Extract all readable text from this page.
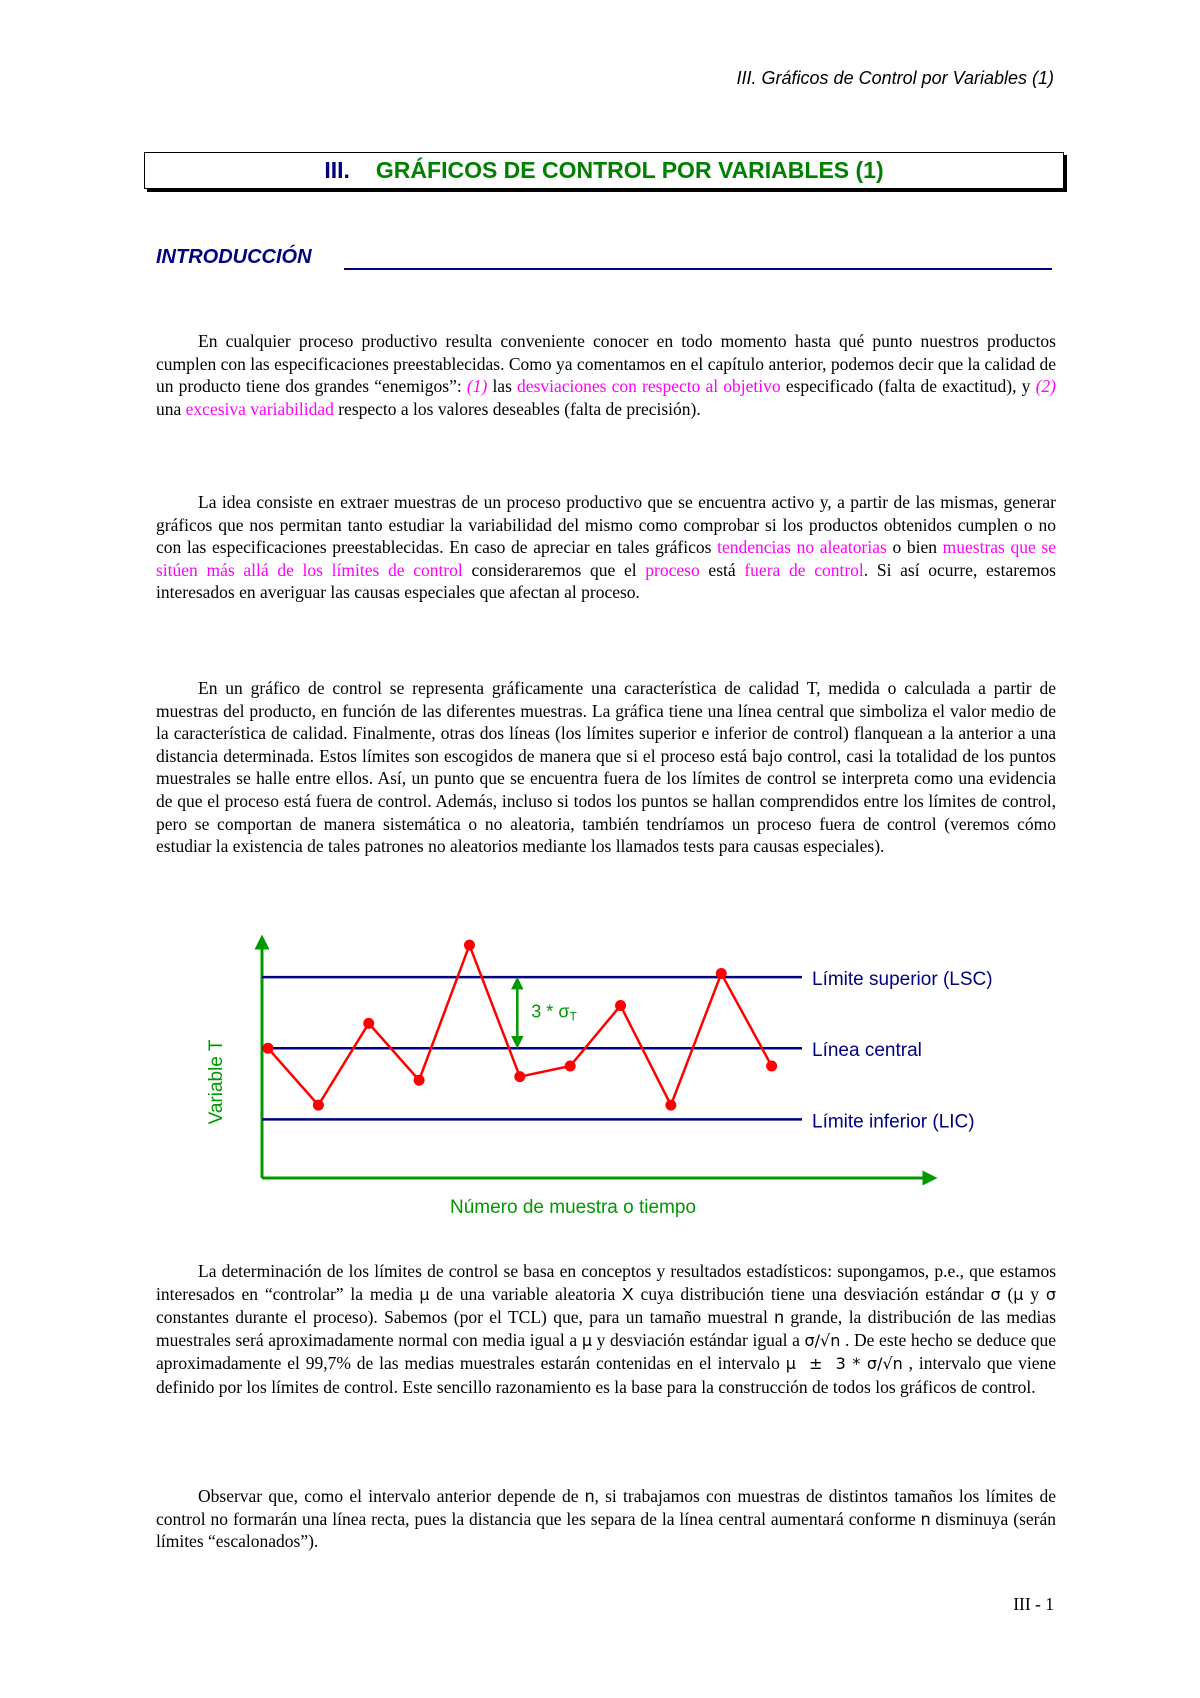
III. Gráficos de Control por Variables (1)
III. GRÁFICOS DE CONTROL POR VARIABLES (1)
INTRODUCCIÓN

En cualquier proceso productivo resulta conveniente conocer en todo momento hasta qué punto nuestros productos cumplen con las especificaciones preestablecidas. Como ya comentamos en el capítulo anterior, podemos decir que la calidad de un producto tiene dos grandes “enemigos”: (1) las desviaciones con respecto al objetivo especificado (falta de exactitud), y (2) una excesiva variabilidad respecto a los valores deseables (falta de precisión).

La idea consiste en extraer muestras de un proceso productivo que se encuentra activo y, a partir de las mismas, generar gráficos que nos permitan tanto estudiar la variabilidad del mismo como comprobar si los productos obtenidos cumplen o no con las especificaciones preestablecidas. En caso de apreciar en tales gráficos tendencias no aleatorias o bien muestras que se sitúen más allá de los límites de control consideraremos que el proceso está fuera de control. Si así ocurre, estaremos interesados en averiguar las causas especiales que afectan al proceso.

En un gráfico de control se representa gráficamente una característica de calidad T, medida o calculada a partir de muestras del producto, en función de las diferentes muestras. La gráfica tiene una línea central que simboliza el valor medio de la característica de calidad. Finalmente, otras dos líneas (los límites superior e inferior de control) flanquean a la anterior a una distancia determinada. Estos límites son escogidos de manera que si el proceso está bajo control, casi la totalidad de los puntos muestrales se halle entre ellos. Así, un punto que se encuentra fuera de los límites de control se interpreta como una evidencia de que el proceso está fuera de control. Además, incluso si todos los puntos se hallan comprendidos entre los límites de control, pero se comportan de manera sistemática o no aleatoria, también tendríamos un proceso fuera de control (veremos cómo estudiar la existencia de tales patrones no aleatorios mediante los llamados tests para causas especiales).

Límite superior (LSC)
Línea central
Límite inferior (LIC)
$3 * \sigma_T$
Variable T
Número de muestra o tiempo

La determinación de los límites de control se basa en conceptos y resultados estadísticos: supongamos, p.e., que estamos interesados en “controlar” la media μ de una variable aleatoria X cuya distribución tiene una desviación estándar σ (μ y σ constantes durante el proceso). Sabemos (por el TCL) que, para un tamaño muestral n grande, la distribución de las medias muestrales será aproximadamente normal con media igual a μ y desviación estándar igual a σ/√n . De este hecho se deduce que aproximadamente el 99,7% de las medias muestrales estarán contenidas en el intervalo μ  ±  3 * σ/√n , intervalo que viene definido por los límites de control. Este sencillo razonamiento es la base para la construcción de todos los gráficos de control.

Observar que, como el intervalo anterior depende de n, si trabajamos con muestras de distintos tamaños los límites de control no formarán una línea recta, pues la distancia que les separa de la línea central aumentará conforme n disminuya (serán límites “escalonados”).

III - 1
